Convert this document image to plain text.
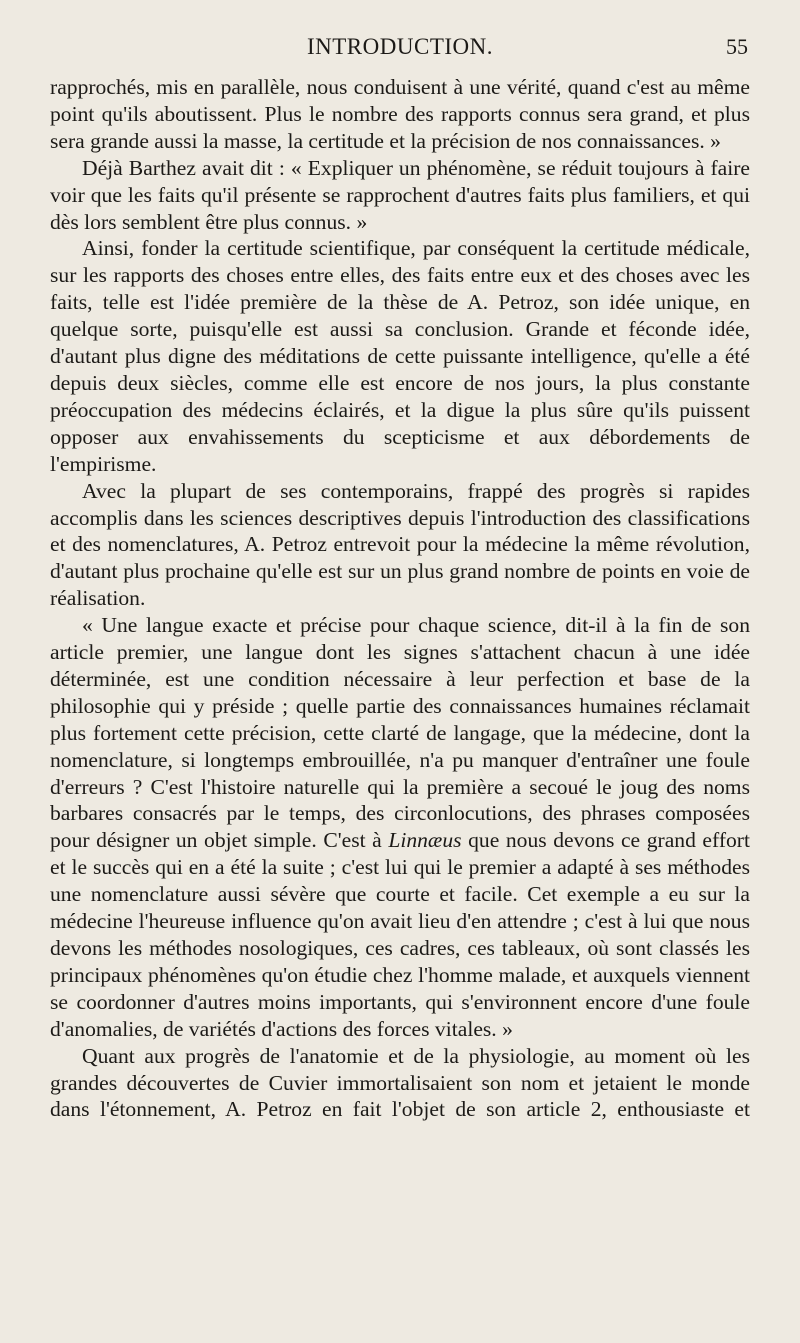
INTRODUCTION.	55

rapprochés, mis en parallèle, nous conduisent à une vérité, quand c'est au même point qu'ils aboutissent. Plus le nombre des rapports connus sera grand, et plus sera grande aussi la masse, la certitude et la précision de nos connaissances. »

Déjà Barthez avait dit : « Expliquer un phénomène, se réduit toujours à faire voir que les faits qu'il présente se rapprochent d'autres faits plus familiers, et qui dès lors semblent être plus connus. »

Ainsi, fonder la certitude scientifique, par conséquent la certitude médicale, sur les rapports des choses entre elles, des faits entre eux et des choses avec les faits, telle est l'idée première de la thèse de A. Petroz, son idée unique, en quelque sorte, puisqu'elle est aussi sa conclusion. Grande et féconde idée, d'autant plus digne des méditations de cette puissante intelligence, qu'elle a été depuis deux siècles, comme elle est encore de nos jours, la plus constante préoccupation des médecins éclairés, et la digue la plus sûre qu'ils puissent opposer aux envahissements du scepticisme et aux débordements de l'empirisme.

Avec la plupart de ses contemporains, frappé des progrès si rapides accomplis dans les sciences descriptives depuis l'introduction des classifications et des nomenclatures, A. Petroz entrevoit pour la médecine la même révolution, d'autant plus prochaine qu'elle est sur un plus grand nombre de points en voie de réalisation.

« Une langue exacte et précise pour chaque science, dit-il à la fin de son article premier, une langue dont les signes s'attachent chacun à une idée déterminée, est une condition nécessaire à leur perfection et base de la philosophie qui y préside ; quelle partie des connaissances humaines réclamait plus fortement cette précision, cette clarté de langage, que la médecine, dont la nomenclature, si longtemps embrouillée, n'a pu manquer d'entraîner une foule d'erreurs ? C'est l'histoire naturelle qui la première a secoué le joug des noms barbares consacrés par le temps, des circonlocutions, des phrases composées pour désigner un objet simple. C'est à Linnæus que nous devons ce grand effort et le succès qui en a été la suite ; c'est lui qui le premier a adapté à ses méthodes une nomenclature aussi sévère que courte et facile. Cet exemple a eu sur la médecine l'heureuse influence qu'on avait lieu d'en attendre ; c'est à lui que nous devons les méthodes nosologiques, ces cadres, ces tableaux, où sont classés les principaux phénomènes qu'on étudie chez l'homme malade, et auxquels viennent se coordonner d'autres moins importants, qui s'environnent encore d'une foule d'anomalies, de variétés d'actions des forces vitales. »

Quant aux progrès de l'anatomie et de la physiologie, au moment où les grandes découvertes de Cuvier immortalisaient son nom et jetaient le monde dans l'étonnement, A. Petroz en fait l'objet de son article 2, enthousiaste et
